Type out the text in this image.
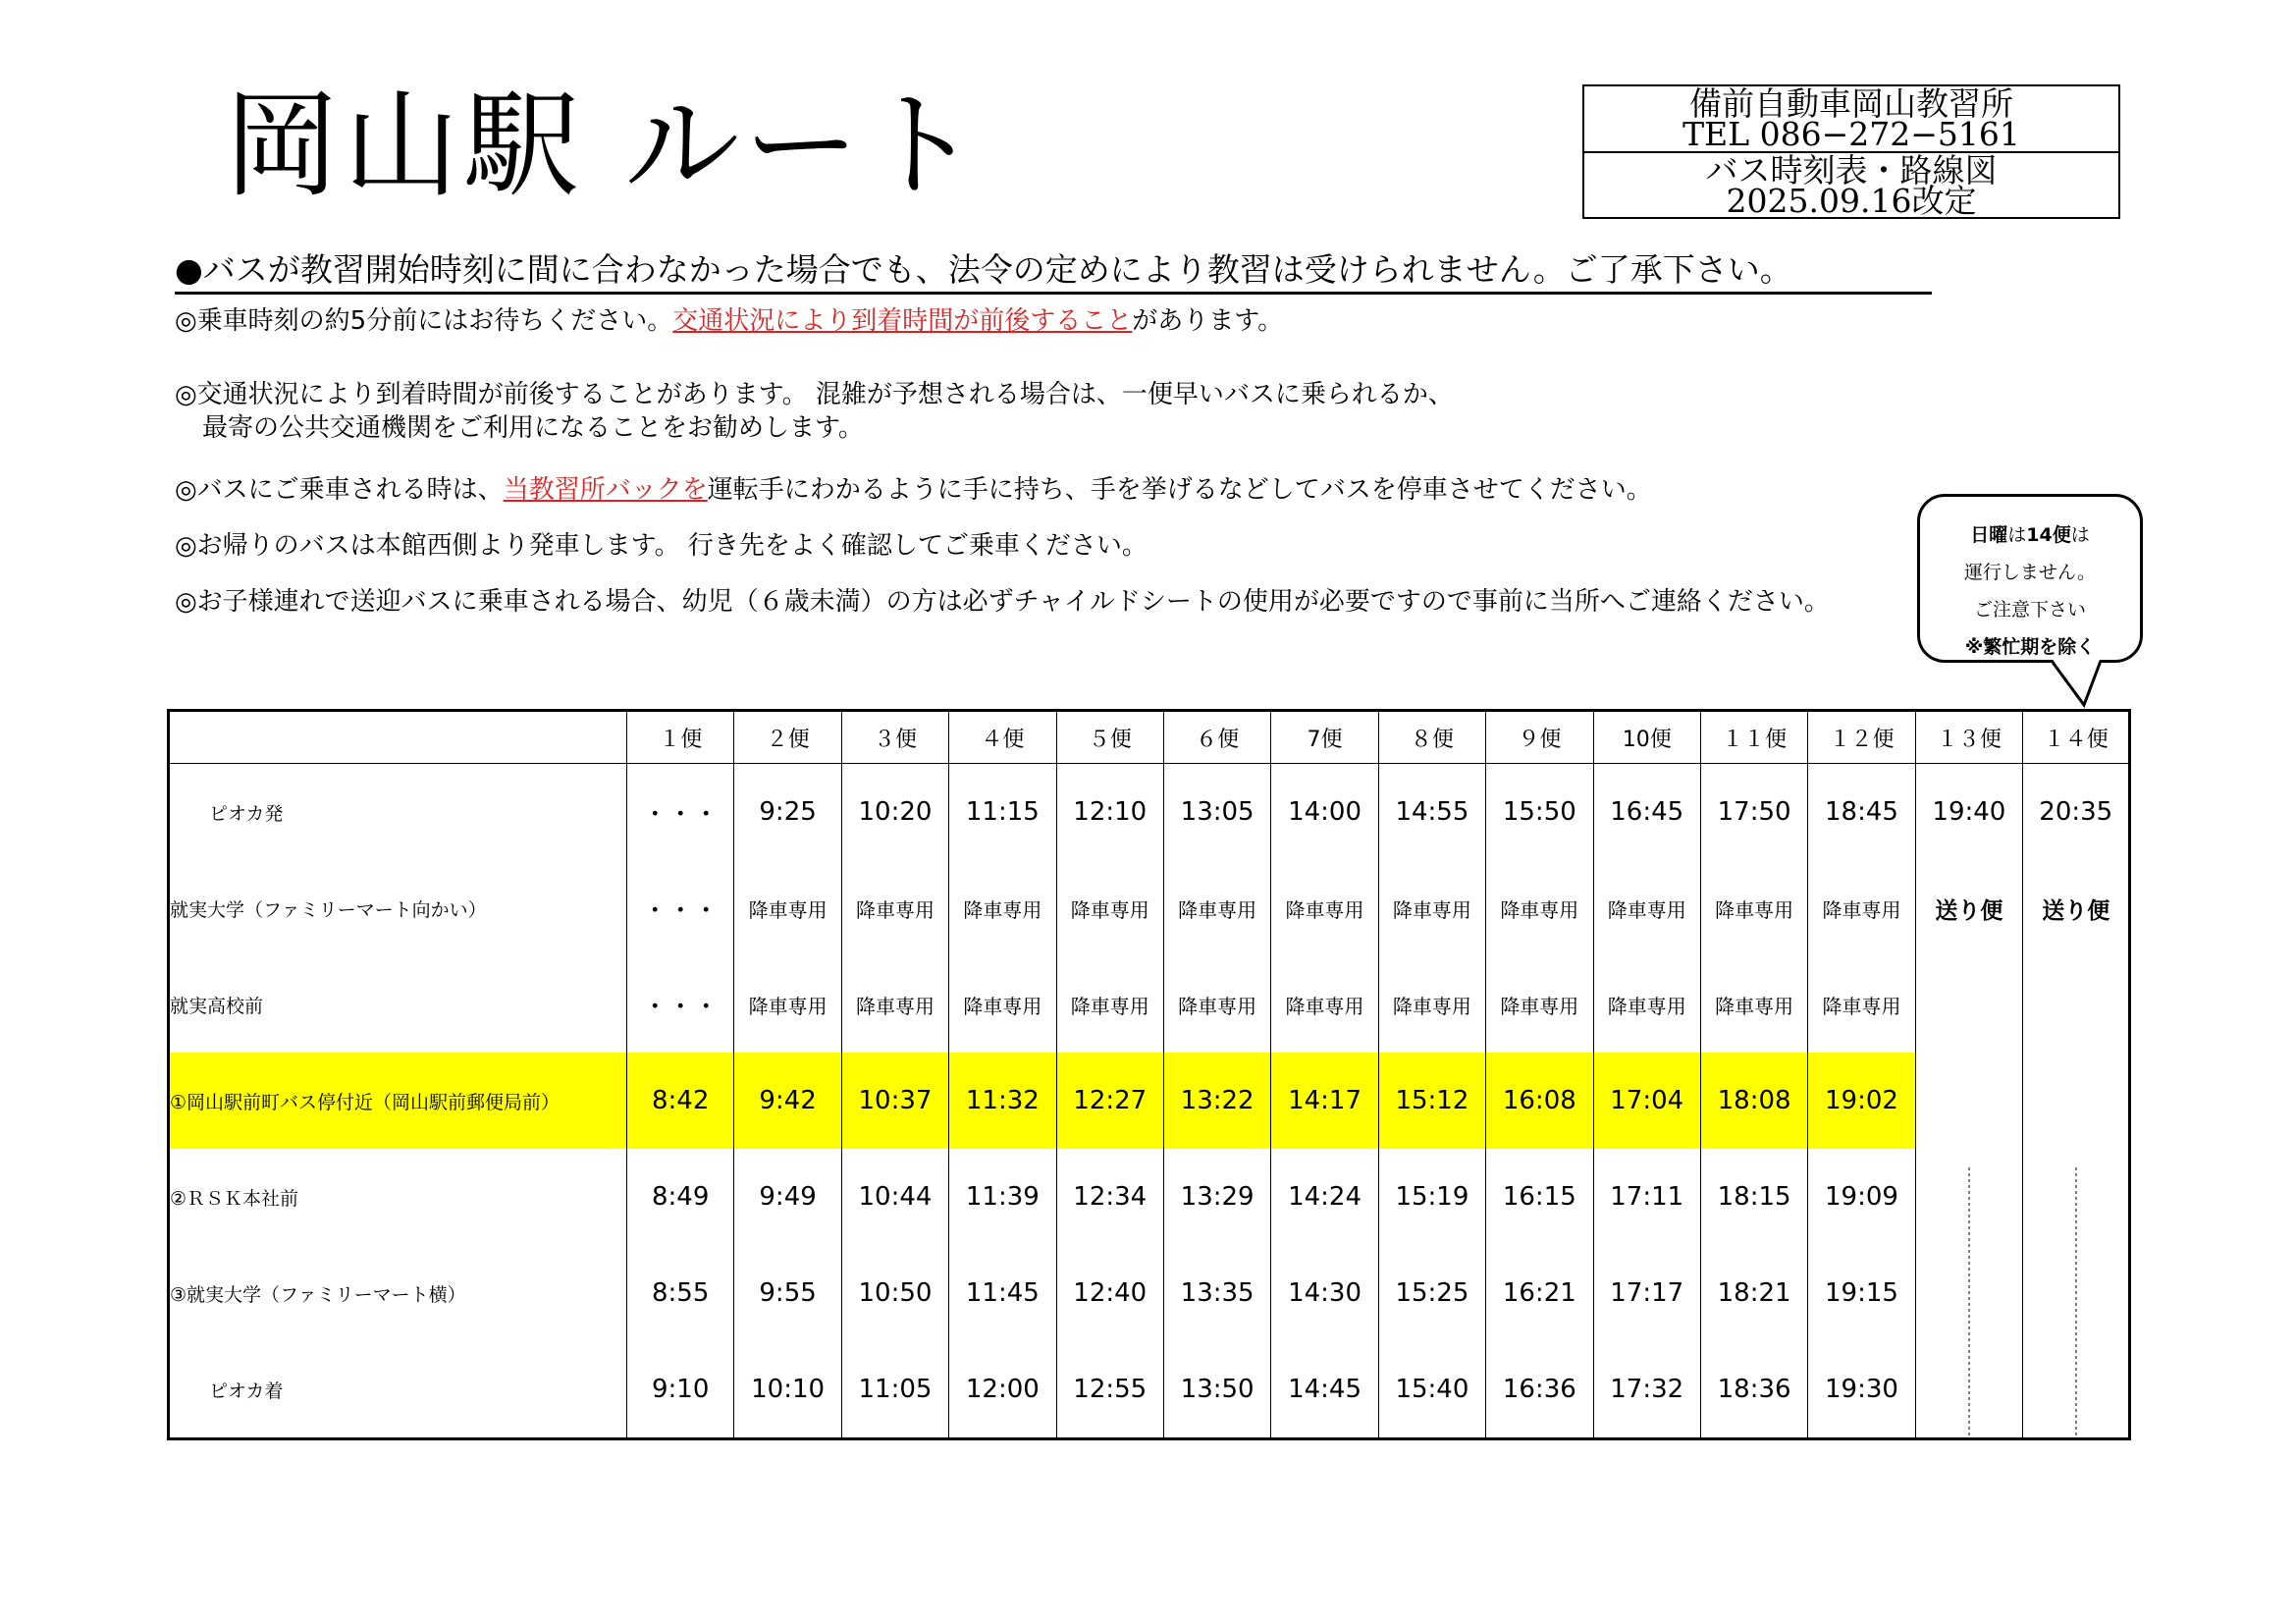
岡山駅 ルート	備前自動車岡山教習所
TEL 086−272−5161
バス時刻表・路線図
2025.09.16改定
●バスが教習開始時刻に間に合わなかった場合でも、法令の定めにより教習は受けられません。ご了承下さい。
◎乗車時刻の約5分前にはお待ちください。交通状況により到着時間が前後することがあります。
◎交通状況により到着時間が前後することがあります。 混雑が予想される場合は、一便早いバスに乗られるか、
最寄の公共交通機関をご利用になることをお勧めします。
◎バスにご乗車される時は、当教習所バックを運転手にわかるように手に持ち、手を挙げるなどしてバスを停車させてください。
◎お帰りのバスは本館西側より発車します。 行き先をよく確認してご乗車ください。
◎お子様連れで送迎バスに乗車される場合、幼児（６歳未満）の方は必ずチャイルドシートの使用が必要ですので事前に当所へご連絡ください。
日曜は14便は
運行しません。
ご注意下さい
※繁忙期を除く
	１便	２便	３便	４便	５便	６便	7便	８便	９便	10便	１１便	１２便	１３便	１４便
ピオカ発	・・・	9:25	10:20	11:15	12:10	13:05	14:00	14:55	15:50	16:45	17:50	18:45	19:40	20:35
就実大学（ファミリーマート向かい）	・・・	降車専用	降車専用	降車専用	降車専用	降車専用	降車専用	降車専用	降車専用	降車専用	降車専用	降車専用	送り便	送り便
就実高校前	・・・	降車専用	降車専用	降車専用	降車専用	降車専用	降車専用	降車専用	降車専用	降車専用	降車専用	降車専用	

①岡山駅前町バス停付近（岡山駅前郵便局前）	8:42	9:42	10:37	11:32	12:27	13:22	14:17	15:12	16:08	17:04	18:08	19:02		
②ＲＳＫ本社前	8:49	9:49	10:44	11:39	12:34	13:29	14:24	15:19	16:15	17:11	18:15	19:09		
③就実大学（ファミリーマート横）	8:55	9:55	10:50	11:45	12:40	13:35	14:30	15:25	16:21	17:17	18:21	19:15		
ピオカ着	9:10	10:10	11:05	12:00	12:55	13:50	14:45	15:40	16:36	17:32	18:36	19:30		
